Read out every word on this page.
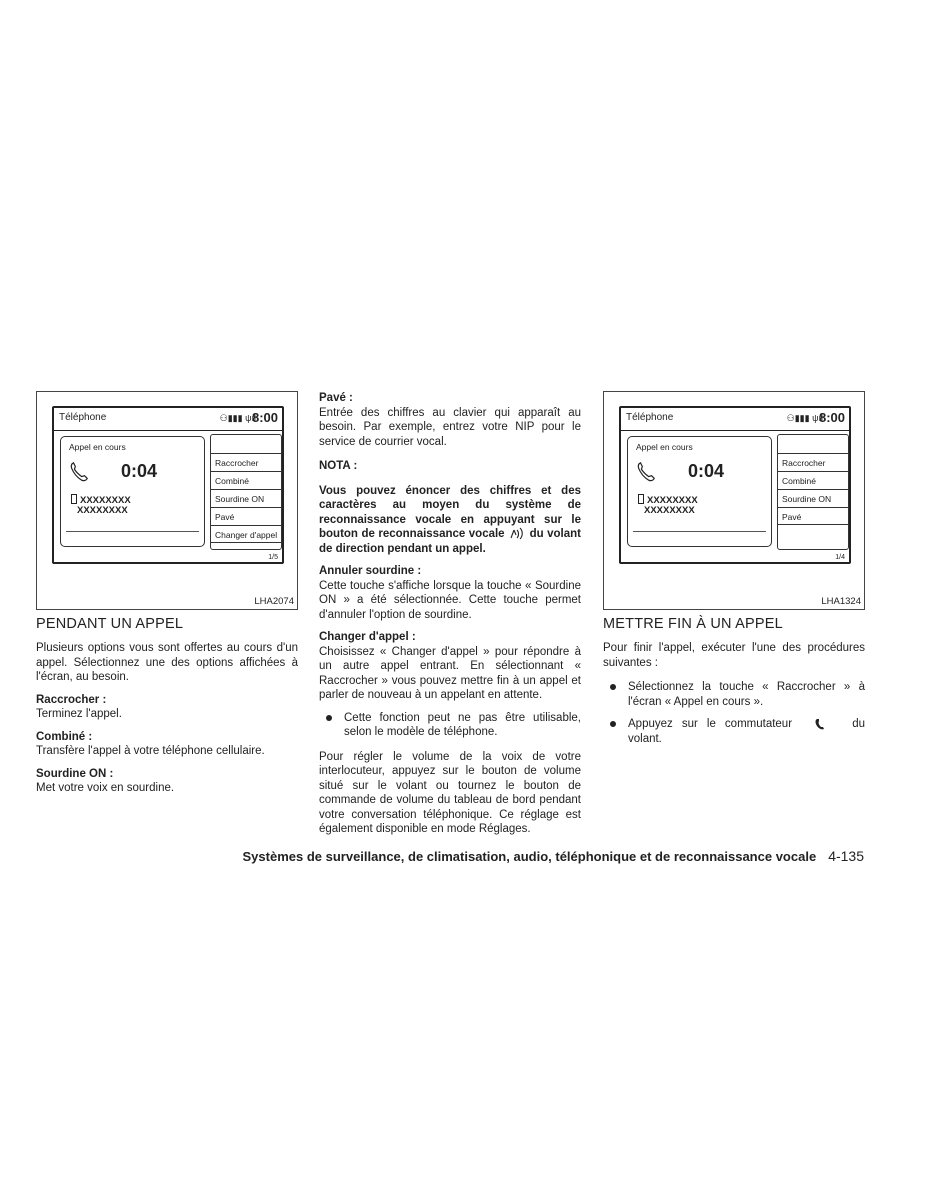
Téléphone	⚇▮▮▮ ψıl
8:00
Appel en cours
0:04
XXXXXXXX
XXXXXXXX
Raccrocher
Combiné
Sourdine ON
Pavé
Changer d'appel
1/5
LHA2074
PENDANT UN APPEL

Plusieurs options vous sont offertes au cours d'un appel. Sélectionnez une des options affichées à l'écran, au besoin.

Raccrocher :

Terminez l'appel.

Combiné :

Transfère l'appel à votre téléphone cellulaire.

Sourdine ON :

Met votre voix en sourdine.

Pavé :

Entrée des chiffres au clavier qui apparaît au besoin. Par exemple, entrez votre NIP pour le service de courrier vocal.

NOTA :

Vous pouvez énoncer des chiffres et des caractères au moyen du système de reconnaissance vocale en appuyant sur le bouton de reconnaissance vocale du volant de direction pendant un appel.

Annuler sourdine :

Cette touche s'affiche lorsque la touche « Sourdine ON » a été sélectionnée. Cette touche permet d'annuler l'option de sourdine.

Changer d'appel :

Choisissez « Changer d'appel » pour répondre à un autre appel entrant. En sélectionnant « Raccrocher » vous pouvez mettre fin à un appel et parler de nouveau à un appelant en attente.

Cette fonction peut ne pas être utilisable, selon le modèle de téléphone.

Pour régler le volume de la voix de votre interlocuteur, appuyez sur le bouton de volume situé sur le volant ou tournez le bouton de commande de volume du tableau de bord pendant votre conversation téléphonique. Ce réglage est également disponible en mode Réglages.

Téléphone	⚇▮▮▮ ψıl
8:00
Appel en cours
0:04
XXXXXXXX
XXXXXXXX
Raccrocher
Combiné
Sourdine ON
Pavé
1/4
LHA1324
METTRE FIN À UN APPEL

Pour finir l'appel, exécuter l'une des procédures suivantes :

Sélectionnez la touche « Raccrocher » à l'écran « Appel en cours ».
Appuyez sur le commutateur	du volant.
Systèmes de surveillance, de climatisation, audio, téléphonique et de reconnaissance vocale 4-135
